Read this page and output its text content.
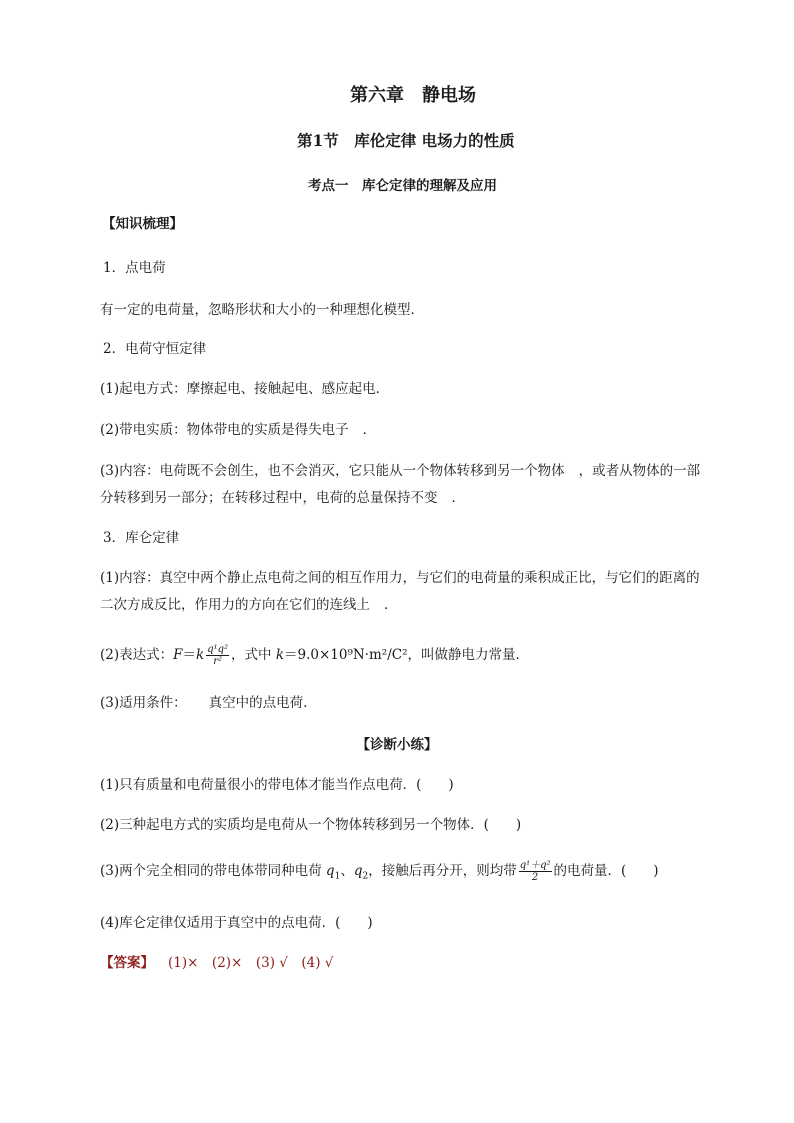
第六章　静电场
第1节　库伦定律 电场力的性质
考点一　库仑定律的理解及应用
【知识梳理】
1．点电荷
有一定的电荷量，忽略形状和大小的一种理想化模型．
2．电荷守恒定律
(1)起电方式：摩擦起电、接触起电、感应起电．
(2)带电实质：物体带电的实质是得失电子 ．
(3)内容：电荷既不会创生，也不会消灭，它只能从一个物体转移到另一个物体 ，或者从物体的一部
分转移到另一部分；在转移过程中，电荷的总量保持不变 ．
3．库仑定律
(1)内容：真空中两个静止点电荷之间的相互作用力，与它们的电荷量的乘积成正比，与它们的距离的
二次方成反比，作用力的方向在它们的连线上 ．
(2)表达式：$F=k \frac{\text{q¹q²}}{\text{r²}}$ ，式中 k＝9.0×10⁹N·m²/C²，叫做静电力常量．
(3)适用条件： 真空中的点电荷.
【诊断小练】
(1)只有质量和电荷量很小的带电体才能当作点电荷．(　　)
(2)三种起电方式的实质均是电荷从一个物体转移到另一个物体．(　　)
(3)两个完全相同的带电体带同种电荷 $q_1$、$q_2$，接触后再分开，则均带 $\frac{\text{q¹＋q²}}{2}$ 的电荷量．(　　)
(4)库仑定律仅适用于真空中的点电荷．(　　)
【答案】 (1)×　(2)×　(3) √　(4) √
